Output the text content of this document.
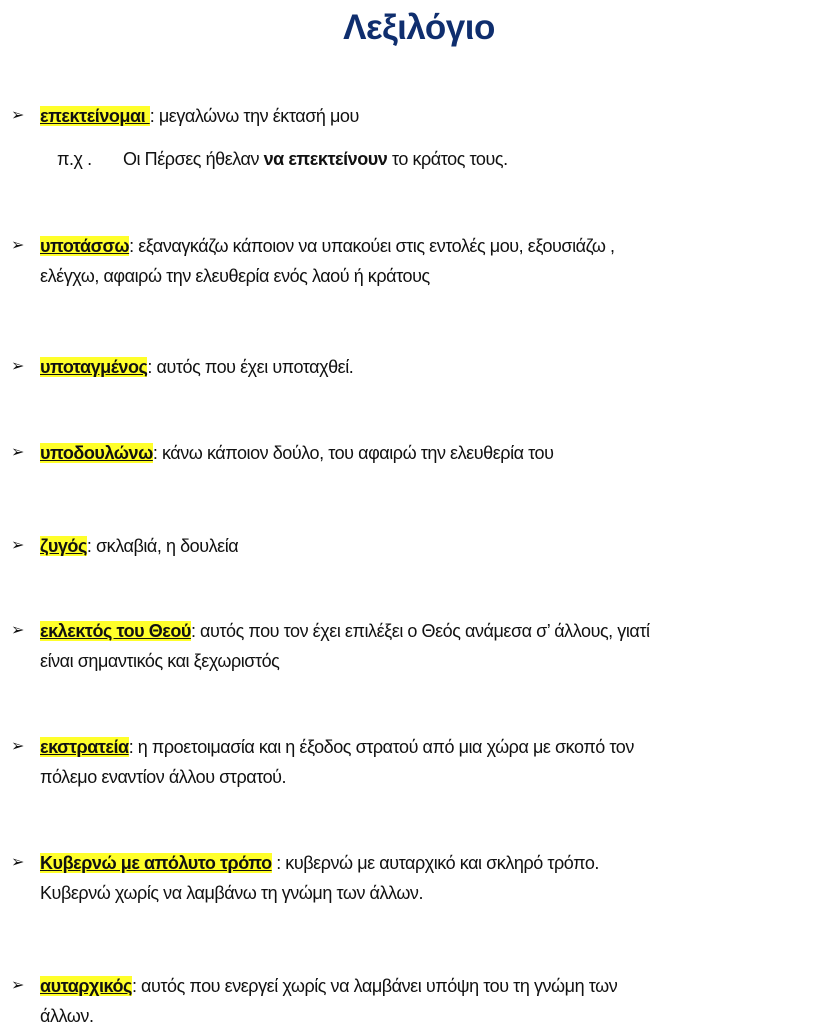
Λεξιλόγιο
➢ επεκτείνομαι : μεγαλώνω την έκτασή μου
➢ υποτάσσω: εξαναγκάζω κάποιον να υπακούει στις εντολές μου, εξουσιάζω ,
ελέγχω, αφαιρώ την ελευθερία ενός λαού ή κράτους
➢ υποταγμένος: αυτός που έχει υποταχθεί.
➢ υποδουλώνω: κάνω κάποιον δούλο, του αφαιρώ την ελευθερία του
➢ ζυγός: σκλαβιά, η δουλεία
➢ εκλεκτός του Θεού: αυτός που τον έχει επιλέξει ο Θεός ανάμεσα σ’ άλλους, γιατί
είναι σημαντικός και ξεχωριστός
➢ εκστρατεία: η προετοιμασία και η έξοδος στρατού από μια χώρα με σκοπό τον
πόλεμο εναντίον άλλου στρατού.
➢ Κυβερνώ με απόλυτο τρόπο : κυβερνώ με αυταρχικό και σκληρό τρόπο.
Κυβερνώ χωρίς να λαμβάνω τη γνώμη των άλλων.
➢ αυταρχικός: αυτός που ενεργεί χωρίς να λαμβάνει υπόψη του τη γνώμη των
άλλων.
π.χ . Οι Πέρσες ήθελαν να επεκτείνουν το κράτος τους.
